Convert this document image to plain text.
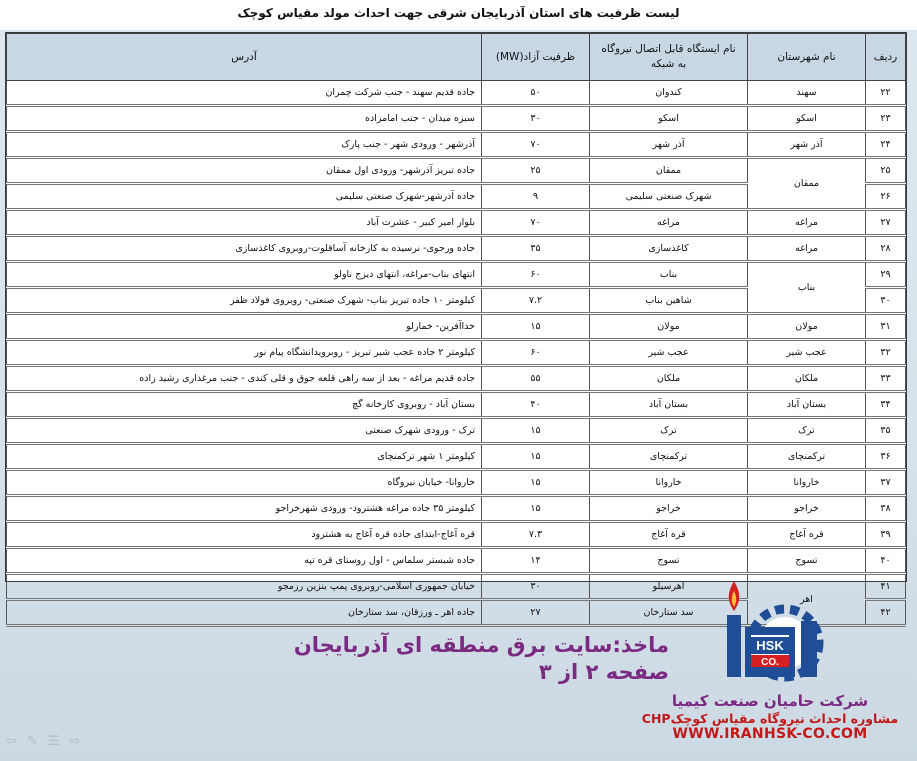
لیست ظرفیت های استان آذربایجان شرقی جهت احداث مولد مقیاس کوچک
ردیف	نام شهرستان	نام ایستگاه قابل اتصال نیروگاه به شبکه	ظرفیت آزاد(MW)	آدرس
۲۲	سهند	کندوان	۵۰	جاده قدیم سهند - جنب شرکت چمران
۲۳	اسکو	اسکو	۳۰	سبزه میدان - جنب امامزاده
۲۴	آذر شهر	آذر شهر	۷۰	آذرشهر - ورودی شهر - جنب پارک
۲۵	ممقان	ممقان	۲۵	جاده تبریز آذرشهر- ورودی اول ممقان
۲۶		شهرک صنعتی سلیمی	۹	جاده آذرشهر-شهرک صنعتی سلیمی
۲۷	مراغه	مراغه	۷۰	بلوار امیر کبیر - عشرت آباد
۲۸	مراغه	کاغذسازی	۳۵	جاده ورجوی- نرسیده به کارخانه آساقلوت-روبروی کاغذسازی
۲۹	بناب	بناب	۶۰	انتهای بناب-مراغه، انتهای دیزج ناولو
۳۰		شاهین بناب	۷.۲	کیلومتر ۱۰ جاده تبریز بناب- شهرک صنعتی- روبروی فولاد ظفر
۳۱	مولان	مولان	۱۵	خداآفرین- خمارلو
۳۲	عجب شیر	عجب شیر	۶۰	کیلومتر ۲ جاده عجب شیر تبریز - روبرویدانشگاه پیام نور
۳۳	ملکان	ملکان	۵۵	جاده قدیم مراغه - بعد از سه راهی قلعه جوق و قلی کندی - جنب مرغداری رشید زاده
۳۴	بستان آباد	بستان آباد	۴۰	بستان آباد - روبروی کارخانه گچ
۳۵	ترک	ترک	۱۵	ترک - ورودی شهرک صنعتی
۳۶	ترکمنچای	ترکمنچای	۱۵	کیلومتر ۱ شهر ترکمنچای
۳۷	خاروانا	خاروانا	۱۵	خاروانا- خیابان نیروگاه
۳۸	خراجو	خراجو	۱۵	کیلومتر ۳۵ جاده مراغه هشترود- ورودی شهرخراجو
۳۹	قره آغاج	قره آغاج	۷.۳	قره آغاج-ابتدای جاده قره آغاج به هشترود
۴۰	تسوج	تسوج	۱۴	جاده شبستر سلماس - اول روستای قره تپه
۴۱	اهر	اهرسیلو	۳۰	خیابان جمهوری اسلامی-روبروی پمپ بنزین رزمجو
۴۲		سد ستارخان	۲۷	جاده اهر ـ ورزقان، سد ستارخان
ماخذ:سایت برق منطقه ای آذربایجان
صفحه ۲ از ۳
HSK
CO.
شرکت حامیان صنعت کیمیا
مشاوره احداث نیروگاه مقیاس کوچکCHP
WWW.IRANHSK-CO.COM
⇦ ✎ ☰ ⇨
